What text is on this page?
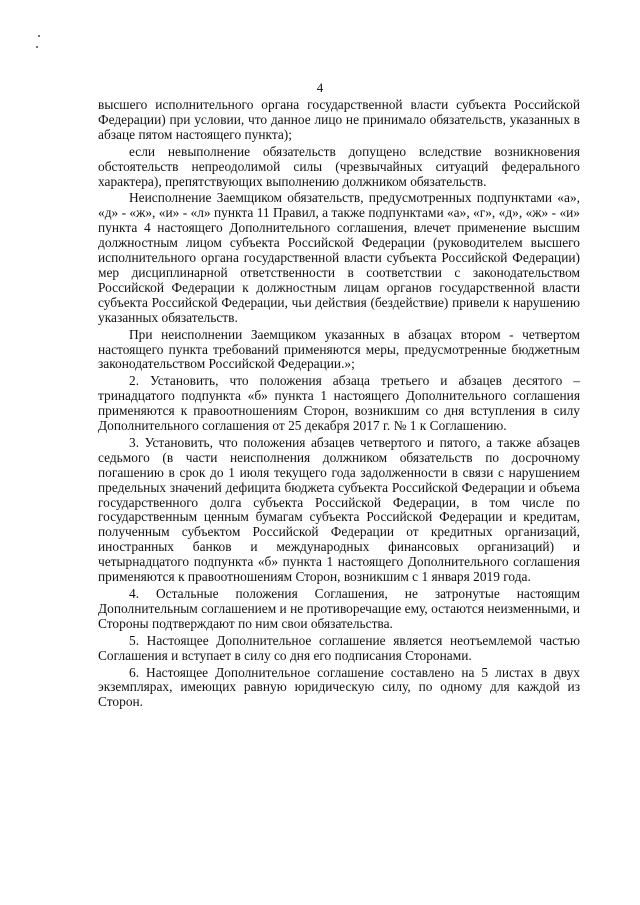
4

высшего исполнительного органа государственной власти субъекта Российской Федерации) при условии, что данное лицо не принимало обязательств, указанных в абзаце пятом настоящего пункта);

если невыполнение обязательств допущено вследствие возникновения обстоятельств непреодолимой силы (чрезвычайных ситуаций федерального характера), препятствующих выполнению должником обязательств.

Неисполнение Заемщиком обязательств, предусмотренных подпунктами «а», «д» - «ж», «и» - «л» пункта 11 Правил, а также подпунктами «а», «г», «д», «ж» - «и» пункта 4 настоящего Дополнительного соглашения, влечет применение высшим должностным лицом субъекта Российской Федерации (руководителем высшего исполнительного органа государственной власти субъекта Российской Федерации) мер дисциплинарной ответственности в соответствии с законодательством Российской Федерации к должностным лицам органов государственной власти субъекта Российской Федерации, чьи действия (бездействие) привели к нарушению указанных обязательств.

При неисполнении Заемщиком указанных в абзацах втором - четвертом настоящего пункта требований применяются меры, предусмотренные бюджетным законодательством Российской Федерации.»;

2. Установить, что положения абзаца третьего и абзацев десятого – тринадцатого подпункта «б» пункта 1 настоящего Дополнительного соглашения применяются к правоотношениям Сторон, возникшим со дня вступления в силу Дополнительного соглашения от 25 декабря 2017 г. № 1 к Соглашению.

3. Установить, что положения абзацев четвертого и пятого, а также абзацев седьмого (в части неисполнения должником обязательств по досрочному погашению в срок до 1 июля текущего года задолженности в связи с нарушением предельных значений дефицита бюджета субъекта Российской Федерации и объема государственного долга субъекта Российской Федерации, в том числе по государственным ценным бумагам субъекта Российской Федерации и кредитам, полученным субъектом Российской Федерации от кредитных организаций, иностранных банков и международных финансовых организаций) и четырнадцатого подпункта «б» пункта 1 настоящего Дополнительного соглашения применяются к правоотношениям Сторон, возникшим с 1 января 2019 года.

4. Остальные положения Соглашения, не затронутые настоящим Дополнительным соглашением и не противоречащие ему, остаются неизменными, и Стороны подтверждают по ним свои обязательства.

5. Настоящее Дополнительное соглашение является неотъемлемой частью Соглашения и вступает в силу со дня его подписания Сторонами.

6. Настоящее Дополнительное соглашение составлено на 5 листах в двух экземплярах, имеющих равную юридическую силу, по одному для каждой из Сторон.
